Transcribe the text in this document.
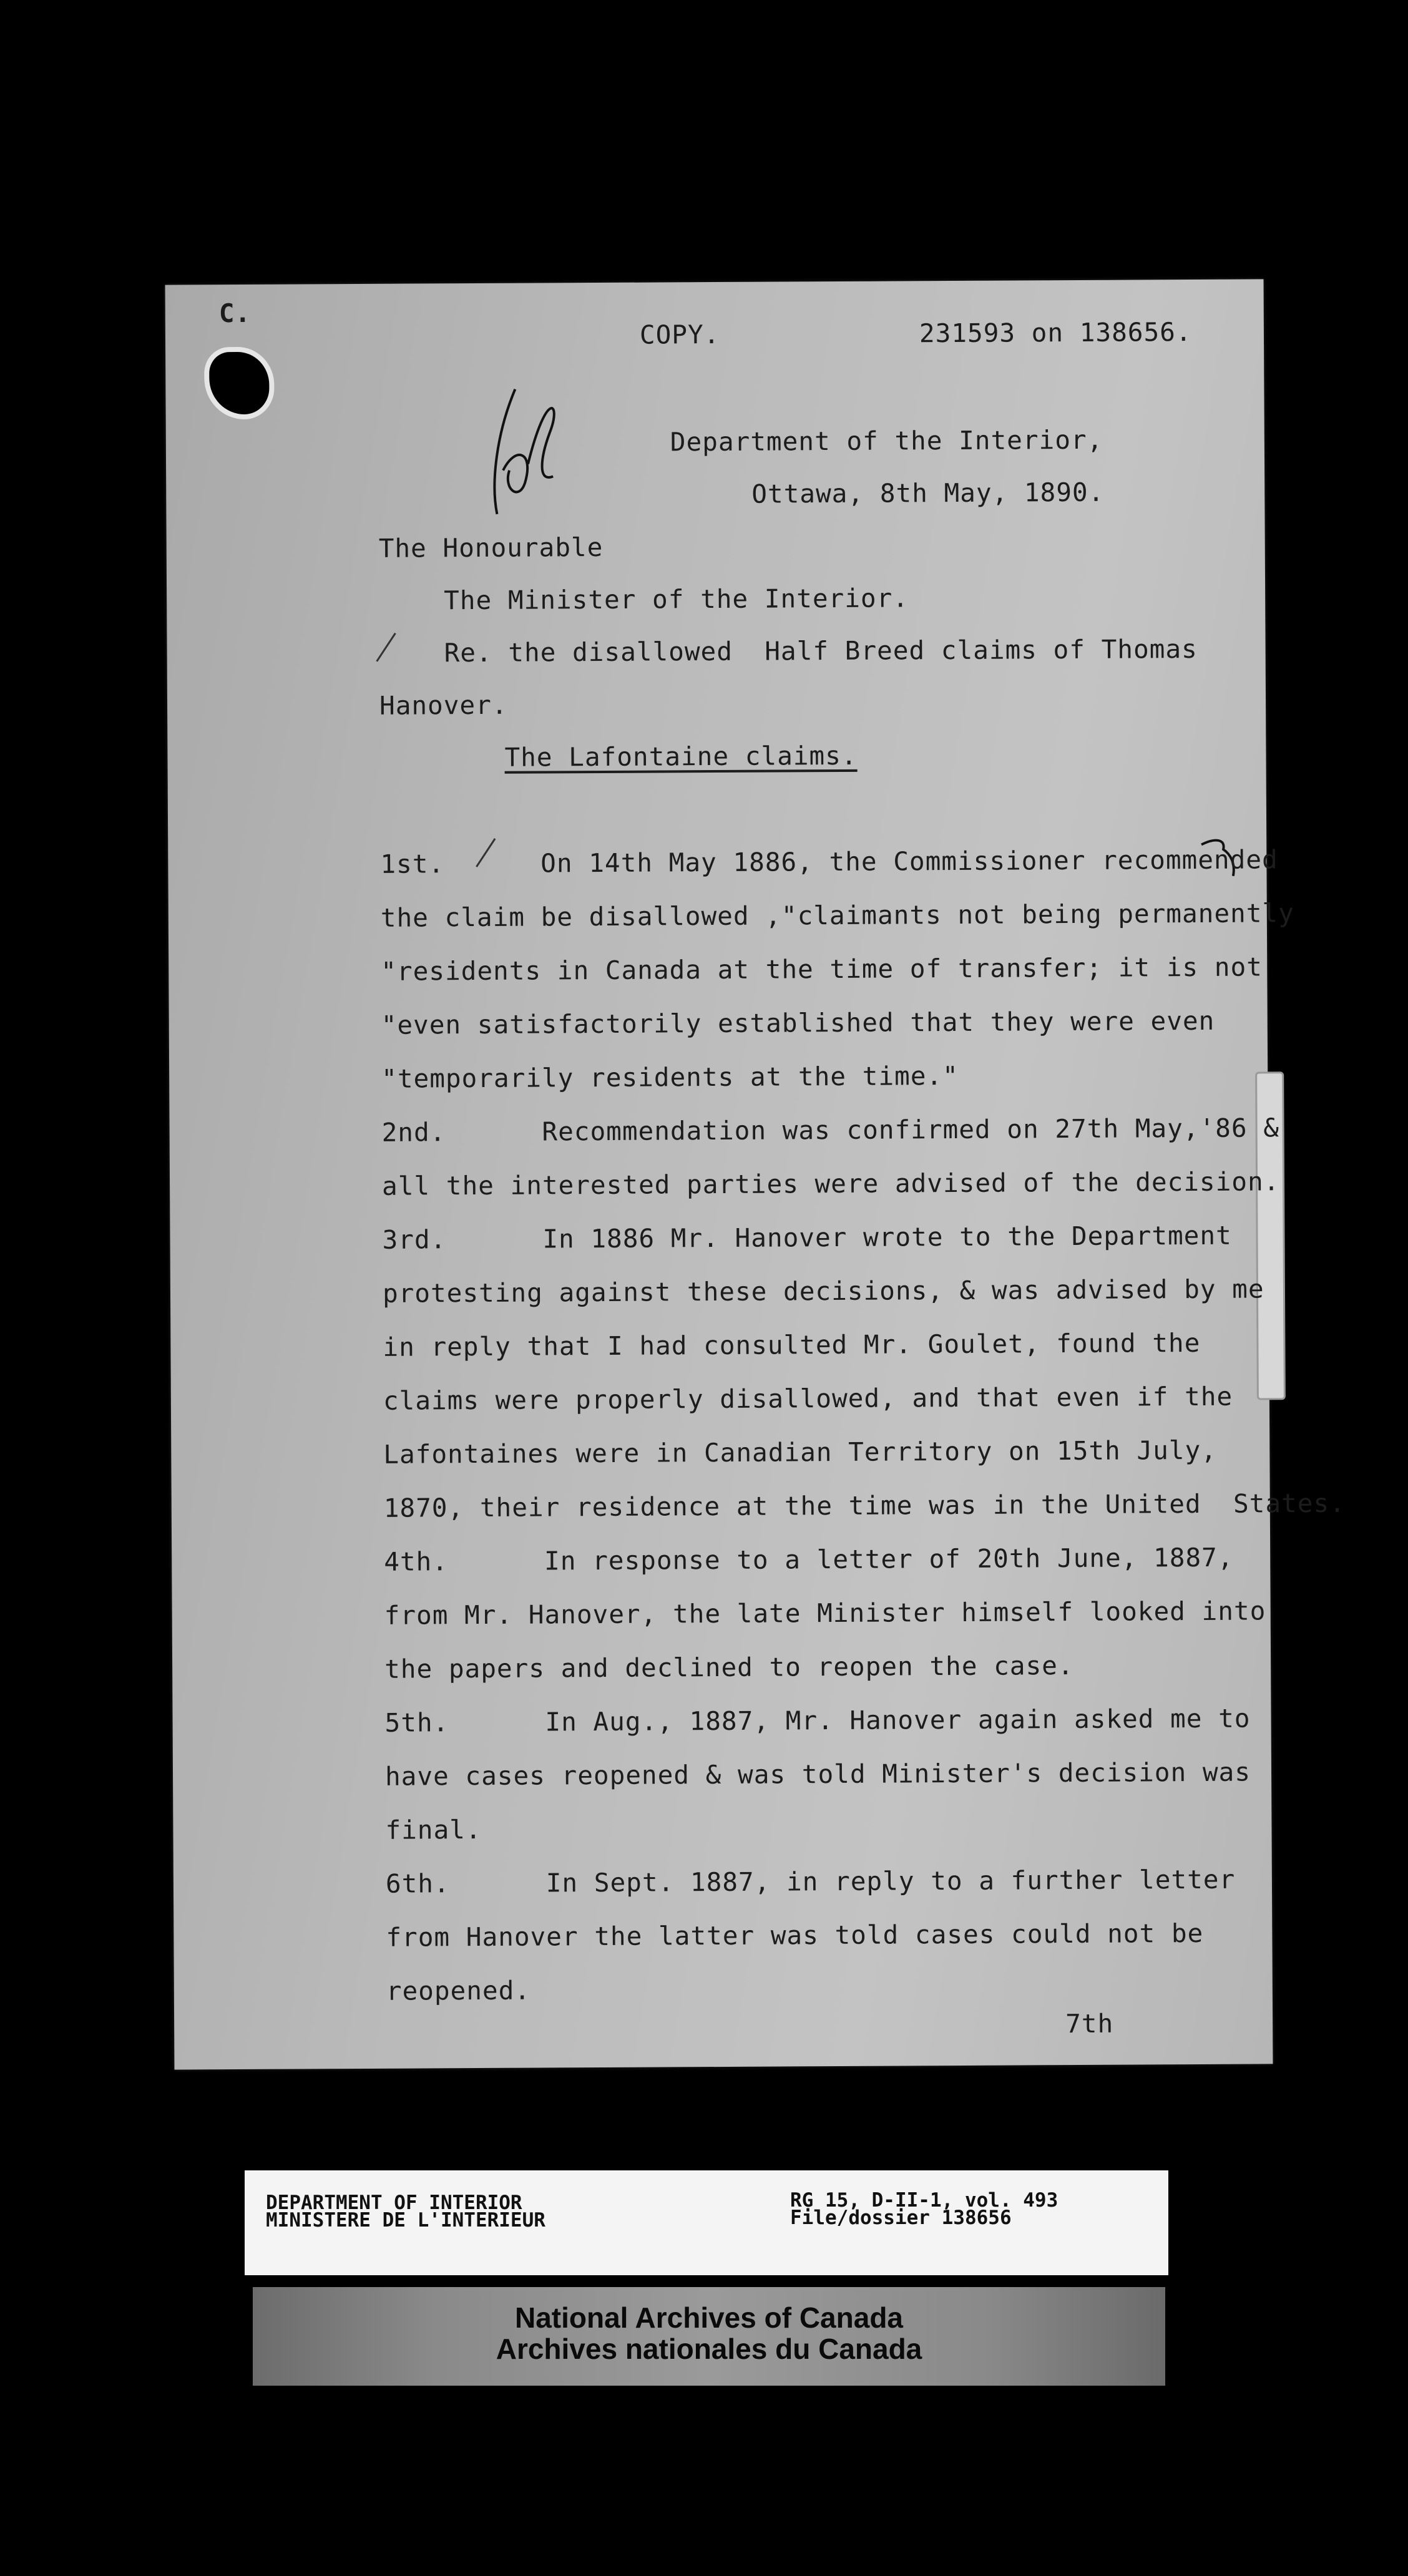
C.
COPY.	231593 on 138656.
Department of the Interior,
Ottawa, 8th May, 1890.
The Honourable
The Minister of the Interior.
Re. the disallowed  Half Breed claims of Thomas
Hanover.
The Lafontaine claims.
1st.      On 14th May 1886, the Commissioner recommended
the claim be disallowed ,"claimants not being permanently
"residents in Canada at the time of transfer; it is not
"even satisfactorily established that they were even
"temporarily residents at the time."
2nd.      Recommendation was confirmed on 27th May,'86 &
all the interested parties were advised of the decision.
3rd.      In 1886 Mr. Hanover wrote to the Department
protesting against these decisions, & was advised by me
in reply that I had consulted Mr. Goulet, found the
claims were properly disallowed, and that even if the
Lafontaines were in Canadian Territory on 15th July,
1870, their residence at the time was in the United  States.
4th.      In response to a letter of 20th June, 1887,
from Mr. Hanover, the late Minister himself looked into
the papers and declined to reopen the case.
5th.      In Aug., 1887, Mr. Hanover again asked me to
have cases reopened & was told Minister's decision was
final.
6th.      In Sept. 1887, in reply to a further letter
from Hanover the latter was told cases could not be
reopened.
7th
DEPARTMENT OF INTERIOR
MINISTERE DE L'INTERIEUR
RG 15, D-II-1, vol. 493
File/dossier 138656
National Archives of Canada
Archives nationales du Canada
